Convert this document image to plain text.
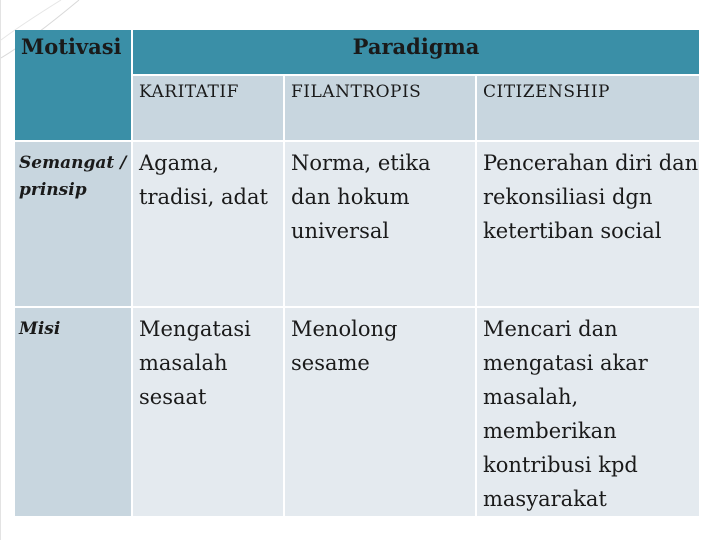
Motivasi	Paradigma		
	KARITATIF	FILANTROPIS	CITIZENSHIP
Semangat / prinsip	Agama, tradisi, adat	Norma, etika dan hokum universal	Pencerahan diri dan rekonsiliasi dgn ketertiban social
Misi	Mengatasi masalah sesaat	Menolong sesame	Mencari dan mengatasi akar masalah, memberikan kontribusi kpd masyarakat
